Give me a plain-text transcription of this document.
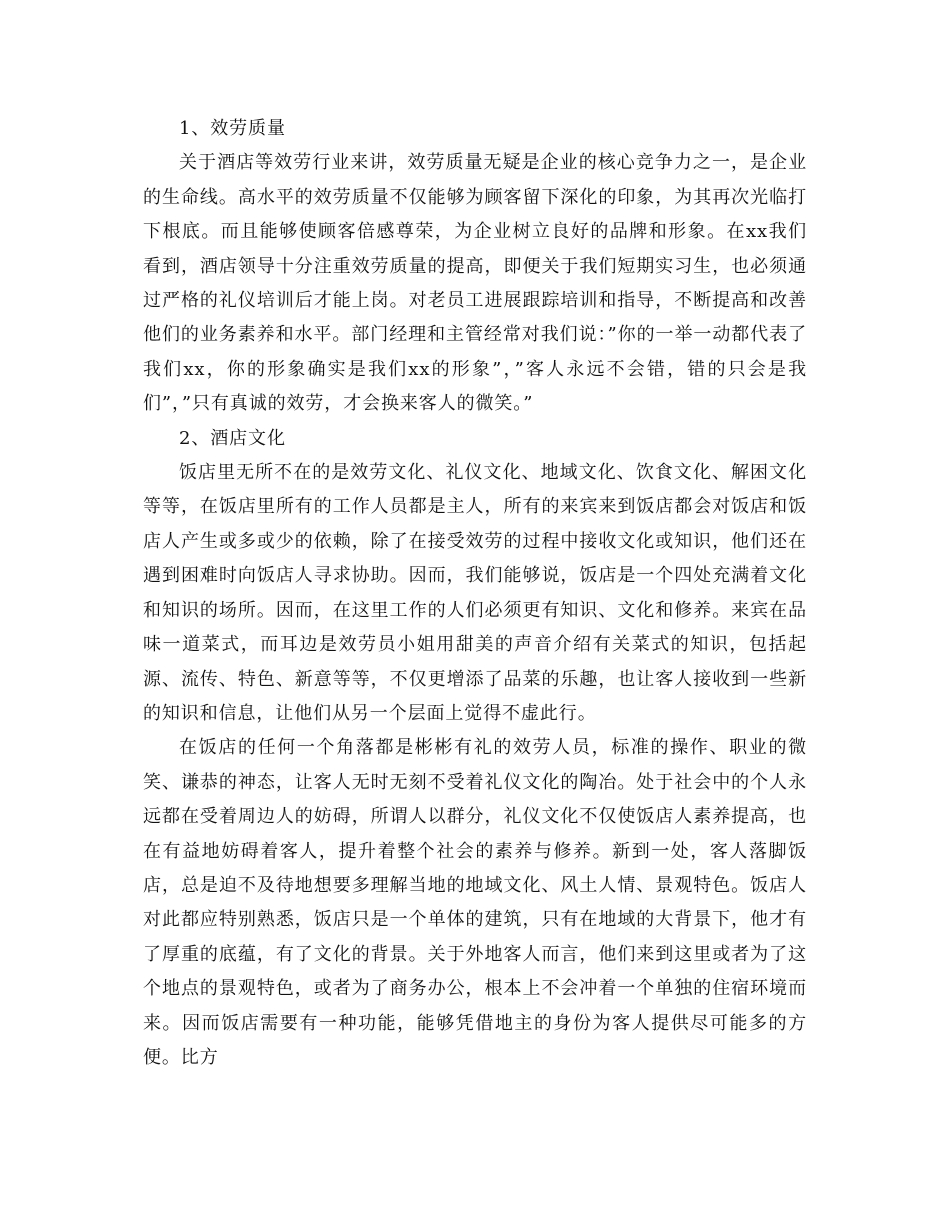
1、效劳质量

关于酒店等效劳行业来讲，效劳质量无疑是企业的核心竞争力之一，是企业的生命线。高水平的效劳质量不仅能够为顾客留下深化的印象，为其再次光临打下根底。而且能够使顾客倍感尊荣，为企业树立良好的品牌和形象。在xx我们看到，酒店领导十分注重效劳质量的提高，即便关于我们短期实习生，也必须通过严格的礼仪培训后才能上岗。对老员工进展跟踪培训和指导，不断提高和改善他们的业务素养和水平。部门经理和主管经常对我们说：”你的一举一动都代表了我们xx，你的形象确实是我们xx的形象”，”客人永远不会错，错的只会是我们”，”只有真诚的效劳，才会换来客人的微笑。”

2、酒店文化

饭店里无所不在的是效劳文化、礼仪文化、地域文化、饮食文化、解困文化等等，在饭店里所有的工作人员都是主人，所有的来宾来到饭店都会对饭店和饭店人产生或多或少的依赖，除了在接受效劳的过程中接收文化或知识，他们还在遇到困难时向饭店人寻求协助。因而，我们能够说，饭店是一个四处充满着文化和知识的场所。因而，在这里工作的人们必须更有知识、文化和修养。来宾在品味一道菜式，而耳边是效劳员小姐用甜美的声音介绍有关菜式的知识，包括起源、流传、特色、新意等等，不仅更增添了品菜的乐趣，也让客人接收到一些新的知识和信息，让他们从另一个层面上觉得不虚此行。

在饭店的任何一个角落都是彬彬有礼的效劳人员，标准的操作、职业的微笑、谦恭的神态，让客人无时无刻不受着礼仪文化的陶冶。处于社会中的个人永远都在受着周边人的妨碍，所谓人以群分，礼仪文化不仅使饭店人素养提高，也在有益地妨碍着客人，提升着整个社会的素养与修养。新到一处，客人落脚饭店，总是迫不及待地想要多理解当地的地域文化、风土人情、景观特色。饭店人对此都应特别熟悉，饭店只是一个单体的建筑，只有在地域的大背景下，他才有了厚重的底蕴，有了文化的背景。关于外地客人而言，他们来到这里或者为了这个地点的景观特色，或者为了商务办公，根本上不会冲着一个单独的住宿环境而来。因而饭店需要有一种功能，能够凭借地主的身份为客人提供尽可能多的方便。比方
